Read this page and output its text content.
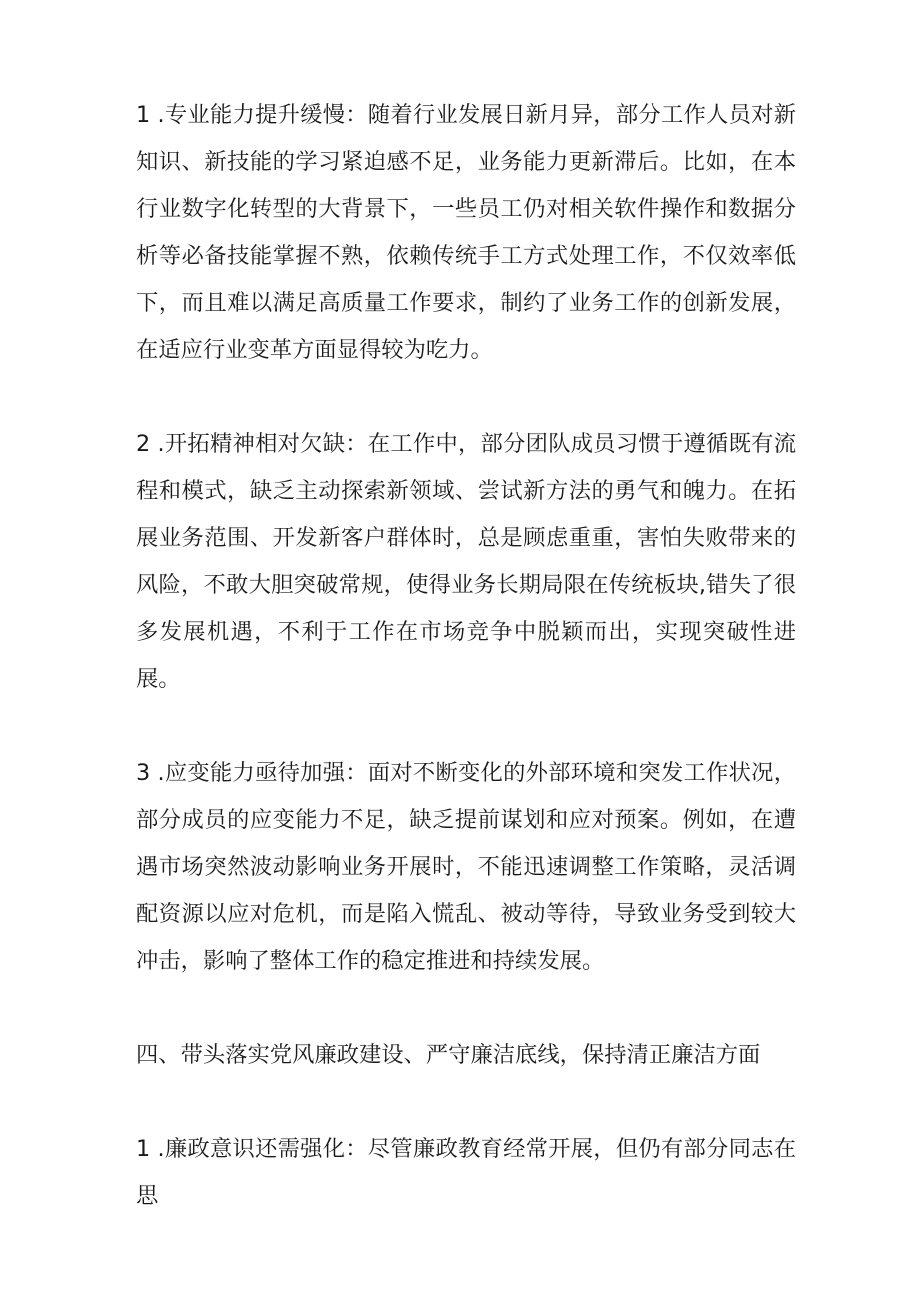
1 .专业能力提升缓慢：随着行业发展日新月异，部分工作人员对新知识、新技能的学习紧迫感不足，业务能力更新滞后。比如，在本行业数字化转型的大背景下，一些员工仍对相关软件操作和数据分析等必备技能掌握不熟，依赖传统手工方式处理工作，不仅效率低下，而且难以满足高质量工作要求，制约了业务工作的创新发展，在适应行业变革方面显得较为吃力。

2 .开拓精神相对欠缺：在工作中，部分团队成员习惯于遵循既有流程和模式，缺乏主动探索新领域、尝试新方法的勇气和魄力。在拓展业务范围、开发新客户群体时，总是顾虑重重，害怕失败带来的风险，不敢大胆突破常规，使得业务长期局限在传统板块,错失了很多发展机遇，不利于工作在市场竞争中脱颖而出，实现突破性进展。

3 .应变能力亟待加强：面对不断变化的外部环境和突发工作状况，部分成员的应变能力不足，缺乏提前谋划和应对预案。例如，在遭遇市场突然波动影响业务开展时，不能迅速调整工作策略，灵活调配资源以应对危机，而是陷入慌乱、被动等待，导致业务受到较大冲击，影响了整体工作的稳定推进和持续发展。

四、带头落实党风廉政建设、严守廉洁底线，保持清正廉洁方面

1 .廉政意识还需强化：尽管廉政教育经常开展，但仍有部分同志在思
